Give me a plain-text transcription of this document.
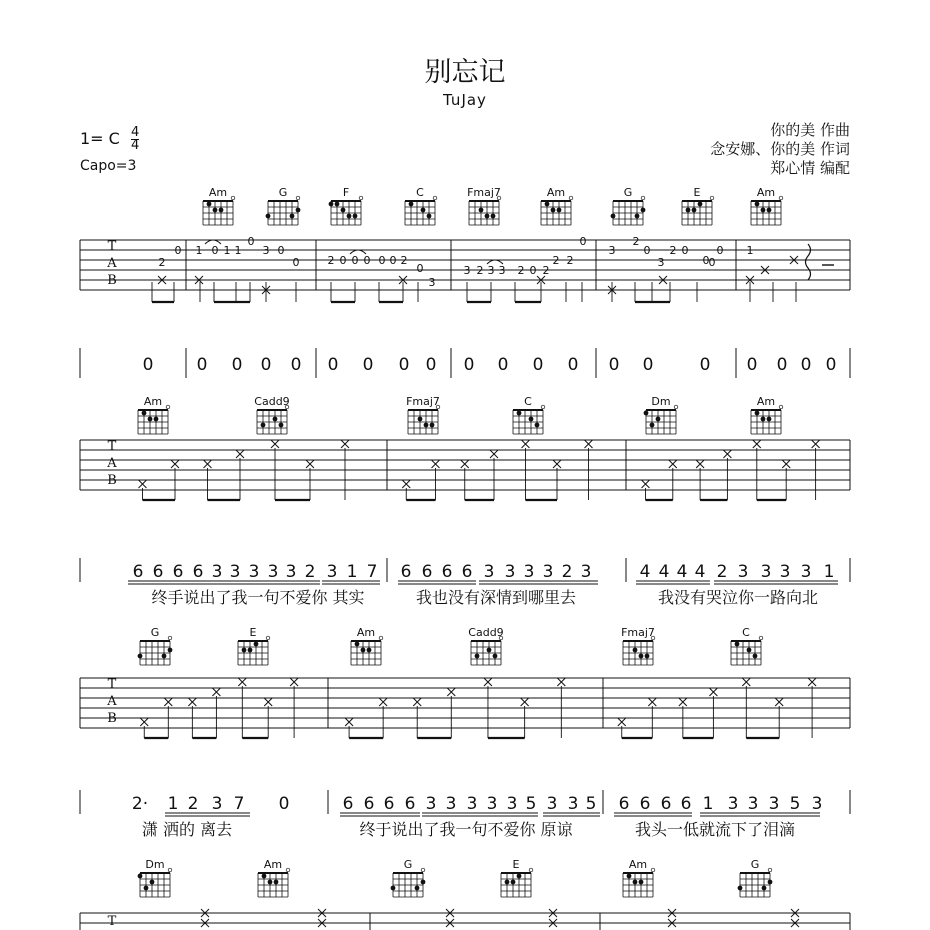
别忘记
TuJay
1= C $\frac{4}{4}$
Capo=3
你的美 作曲
念安娜、你的美 作词
郑心情 编配
Am	G	F	C	Fmaj7	Am	G	E	Am
T
A
B
0
2
1 0 1 1
0
3 0
0	2 0 0 0 0 0 2
0
3
3 2 3 3 2 0 2
2 2
0
3	0
3
2 0
0
0
2
0
1
0	0 0 0 0 0 0 0 0 0 0 0 0 0 0	0 0 0 0 0
Am	Cadd9	Fmaj7	C	Dm	Am
T
A
B
6 6 6 6 3 3 3 3 3 2 3 1 7 6 6 6 6 3 3 3 3 2 3	4 4 4 4 2 3 3 3 3 1
终手说出了我一句不爱你 其实	我也没有深情到哪里去	我没有哭泣你一路向北
G	E	Am	Cadd9	Fmaj7	C
T
A
B
2· 1 2 3 7 0	6 6 6 6 3 3 3 3 3 5 3 3 5 6 6 6 6 1 3 3 3 5 3
潇 洒的 离去	终于说出了我一句不爱你 原谅	我头一低就流下了泪滴
Dm	Am	G	E	Am	G
T
